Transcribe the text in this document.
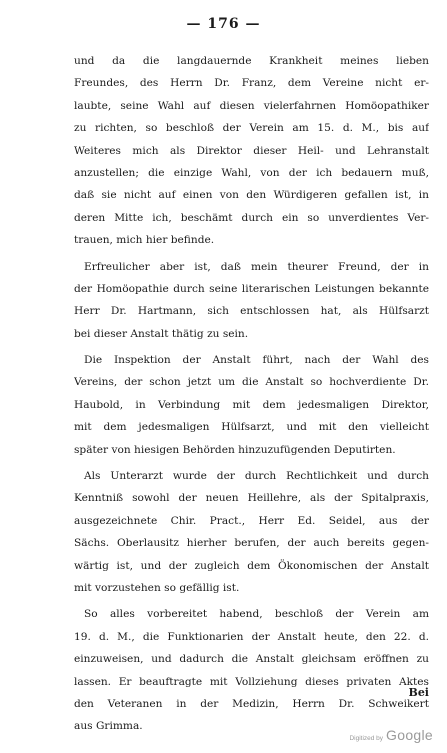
— 176 —
und da die langdauernde Krankheit meines lieben
Freundes, des Herrn Dr. Franz, dem Vereine nicht er-
laubte, seine Wahl auf diesen vielerfahrnen Homöopathiker
zu richten, so beschloß der Verein am 15. d. M., bis auf
Weiteres mich als Direktor dieser Heil- und Lehranstalt
anzustellen; die einzige Wahl, von der ich bedauern muß,
daß sie nicht auf einen von den Würdigeren gefallen ist, in
deren Mitte ich, beschämt durch ein so unverdientes Ver-
trauen, mich hier befinde.
Erfreulicher aber ist, daß mein theurer Freund, der in
der Homöopathie durch seine literarischen Leistungen bekannte
Herr Dr. Hartmann, sich entschlossen hat, als Hülfsarzt
bei dieser Anstalt thätig zu sein.
Die Inspektion der Anstalt führt, nach der Wahl des
Vereins, der schon jetzt um die Anstalt so hochverdiente Dr.
Haubold, in Verbindung mit dem jedesmaligen Direktor,
mit dem jedesmaligen Hülfsarzt, und mit den vielleicht
später von hiesigen Behörden hinzuzufügenden Deputirten.
Als Unterarzt wurde der durch Rechtlichkeit und durch
Kenntniß sowohl der neuen Heillehre, als der Spitalpraxis,
ausgezeichnete Chir. Pract., Herr Ed. Seidel, aus der
Sächs. Oberlausitz hierher berufen, der auch bereits gegen-
wärtig ist, und der zugleich dem Ökonomischen der Anstalt
mit vorzustehen so gefällig ist.
So alles vorbereitet habend, beschloß der Verein am
19. d. M., die Funktionarien der Anstalt heute, den 22. d.
einzuweisen, und dadurch die Anstalt gleichsam eröffnen zu
lassen. Er beauftragte mit Vollziehung dieses privaten Aktes
den Veteranen in der Medizin, Herrn Dr. Schweikert
aus Grimma.
Bei
Digitized by Google
